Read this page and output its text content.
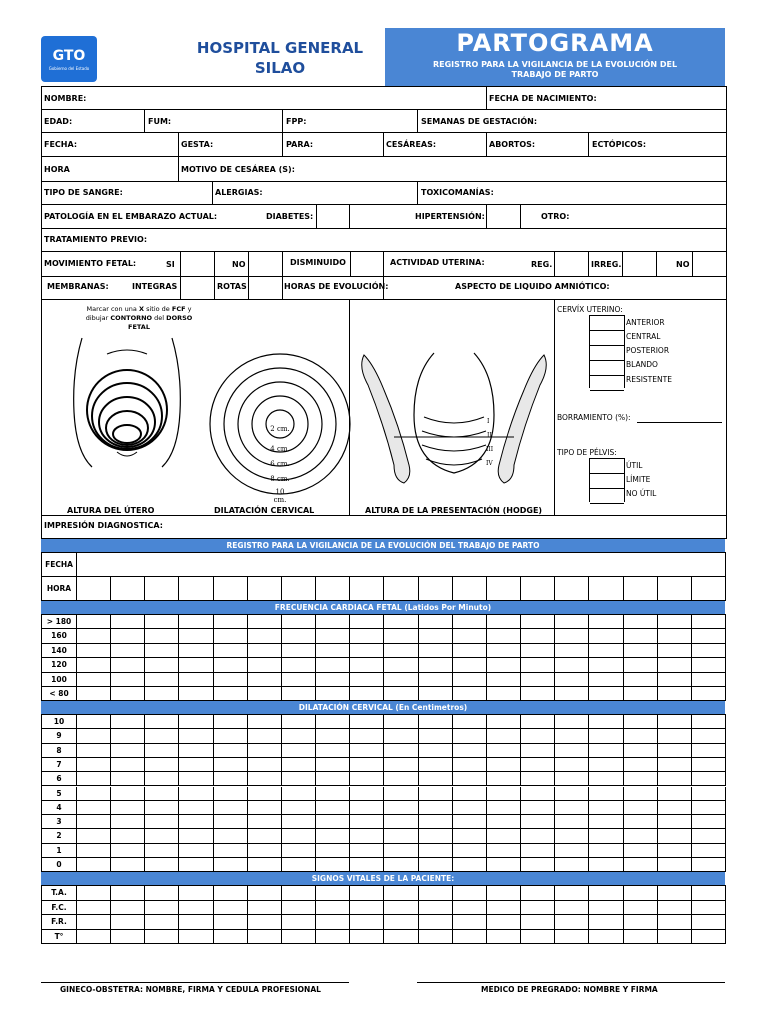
GTO
Gobierno del Estado
HOSPITAL GENERAL SILAO
PARTOGRAMA
REGISTRO PARA LA VIGILANCIA DE LA EVOLUCIÓN DEL TRABAJO DE PARTO
NOMBRE:	FECHA DE NACIMIENTO:
EDAD:	FUM:	FPP:	SEMANAS DE GESTACIÓN:
FECHA:	GESTA:	PARA:	CESÁREAS:	ABORTOS:	ECTÓPICOS:
HORA	MOTIVO DE CESÁREA (S):
TIPO DE SANGRE:	ALERGIAS:	TOXICOMANÍAS:
PATOLOGÍA EN EL EMBARAZO ACTUAL:	DIABETES:	HIPERTENSIÓN:	OTRO:
TRATAMIENTO PREVIO:
MOVIMIENTO FETAL:	SI	NO	DISMINUIDO	ACTIVIDAD UTERINA:	REG.	IRREG.	NO
MEMBRANAS:	INTEGRAS	ROTAS	HORAS DE EVOLUCIÓN:	ASPECTO DE LIQUIDO AMNIÓTICO:
Marcar con una X sitio de FCF y
dibujar CONTORNO del DORSO FETAL
2 cm.
4 cm.
6 cm.
8 cm.
10 cm.
I
II
III
IV
ALTURA DEL ÚTERO	DILATACIÓN CERVICAL	ALTURA DE LA PRESENTACIÓN (HODGE)
CERVÍX UTERINO:
ANTERIOR
CENTRAL
POSTERIOR
BLANDO
RESISTENTE
BORRAMIENTO (%):
TIPO DE PÉLVIS:
ÚTIL
LÍMITE
NO ÚTIL
IMPRESIÓN DIAGNOSTICA:
REGISTRO PARA LA VIGILANCIA DE LA EVOLUCIÓN DEL TRABAJO DE PARTO
FECHA
HORA
FRECUENCIA CARDIACA FETAL (Latidos Por Minuto)
> 180
160
140
120
100
< 80
DILATACIÓN CERVICAL (En Centimetros)
10
9
8
7
6
5
4
3
2
1
0
SIGNOS VITALES DE LA PACIENTE:
T.A.
F.C.
F.R.
T°
GINECO-OBSTETRA: NOMBRE, FIRMA Y CEDULA PROFESIONAL	MEDICO DE PREGRADO: NOMBRE Y FIRMA
